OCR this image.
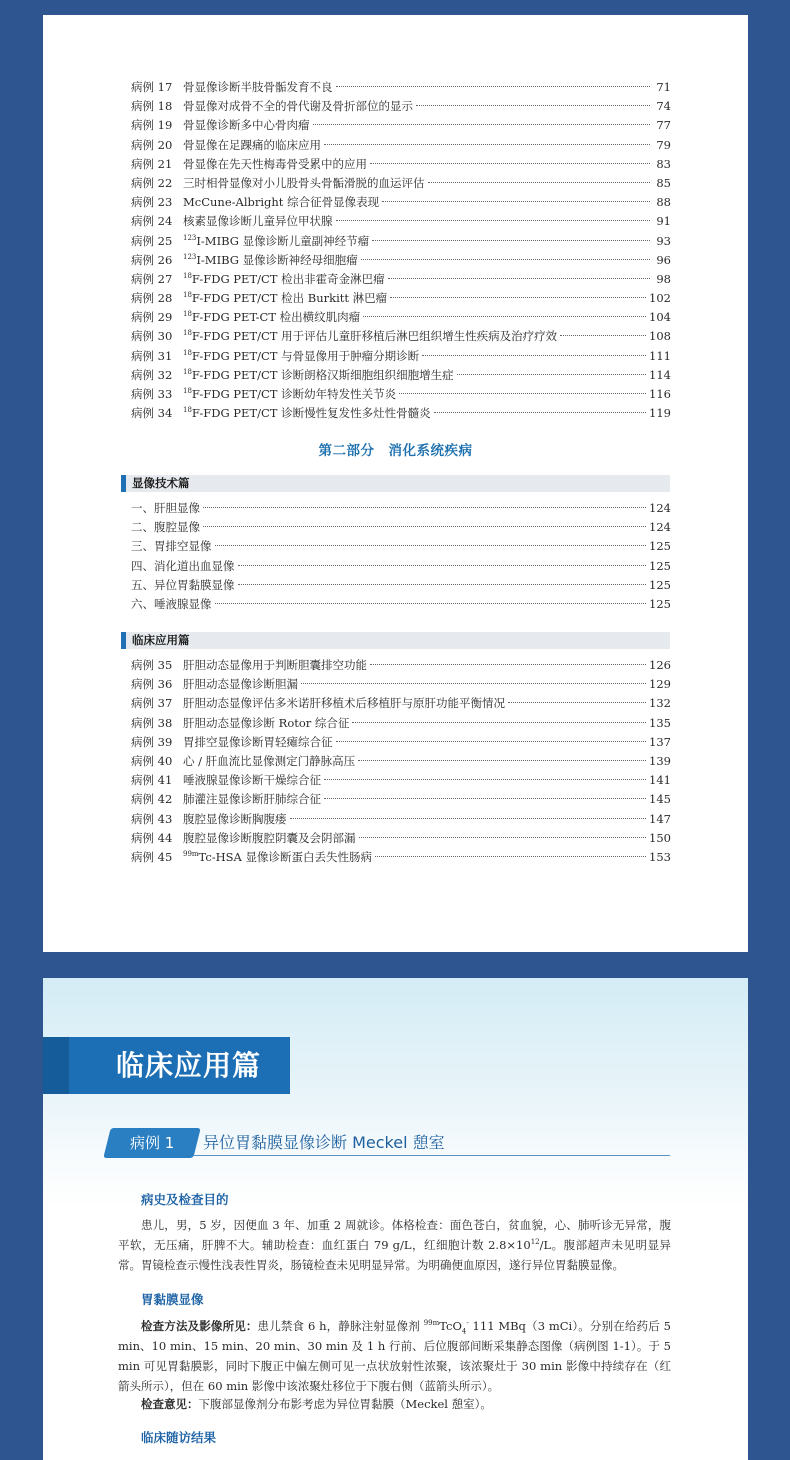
病例 17 骨显像诊断半肢骨骺发育不良	71
病例 18 骨显像对成骨不全的骨代谢及骨折部位的显示	74
病例 19 骨显像诊断多中心骨肉瘤	77
病例 20 骨显像在足踝痛的临床应用	79
病例 21 骨显像在先天性梅毒骨受累中的应用	83
病例 22 三时相骨显像对小儿股骨头骨骺滑脱的血运评估	85
病例 23 McCune-Albright 综合征骨显像表现	88
病例 24 核素显像诊断儿童异位甲状腺	91
病例 25	$^{123}$I-MIBG 显像诊断儿童副神经节瘤	93
病例 26	$^{123}$I-MIBG 显像诊断神经母细胞瘤	96
病例 27	$^{18}$F-FDG PET/CT 检出非霍奇金淋巴瘤	98
病例 28	$^{18}$F-FDG PET/CT 检出 Burkitt 淋巴瘤	102
病例 29	$^{18}$F-FDG PET-CT 检出横纹肌肉瘤	104
病例 30	$^{18}$F-FDG PET/CT 用于评估儿童肝移植后淋巴组织增生性疾病及治疗疗效	108
病例 31	$^{18}$F-FDG PET/CT 与骨显像用于肿瘤分期诊断	111
病例 32	$^{18}$F-FDG PET/CT 诊断朗格汉斯细胞组织细胞增生症	114
病例 33	$^{18}$F-FDG PET/CT 诊断幼年特发性关节炎	116
病例 34	$^{18}$F-FDG PET/CT 诊断慢性复发性多灶性骨髓炎	119
第二部分　消化系统疾病
显像技术篇
一、肝胆显像	124
二、腹腔显像	124
三、胃排空显像	125
四、消化道出血显像	125
五、异位胃黏膜显像	125
六、唾液腺显像	125
临床应用篇
病例 35 肝胆动态显像用于判断胆囊排空功能	126
病例 36 肝胆动态显像诊断胆漏	129
病例 37 肝胆动态显像评估多米诺肝移植术后移植肝与原肝功能平衡情况	132
病例 38 肝胆动态显像诊断 Rotor 综合征	135
病例 39 胃排空显像诊断胃轻瘫综合征	137
病例 40 心 / 肝血流比显像测定门静脉高压	139
病例 41 唾液腺显像诊断干燥综合征	141
病例 42 肺灌注显像诊断肝肺综合征	145
病例 43 腹腔显像诊断胸腹瘘	147
病例 44 腹腔显像诊断腹腔阴囊及会阴部漏	150
病例 45	$^{99m}$Tc-HSA 显像诊断蛋白丢失性肠病	153
临床应用篇
病例 1	异位胃黏膜显像诊断 Meckel 憩室
病史及检查目的
患儿，男，5 岁，因便血 3 年、加重 2 周就诊。体格检查：面色苍白，贫血貌，心、肺听诊无异常，腹平软，无压痛，肝脾不大。辅助检查：血红蛋白 79 g/L，红细胞计数 $2.8\times 10^{12}/L$。腹部超声未见明显异常。胃镜检查示慢性浅表性胃炎，肠镜检查未见明显异常。为明确便血原因，遂行异位胃黏膜显像。
胃黏膜显像
检查方法及影像所见：患儿禁食 6 h，静脉注射显像剂 $^{99m}$TcO$_4$- 111 MBq（3 mCi）。分别在给药后 5 min、10 min、15 min、20 min、30 min 及 1 h 行前、后位腹部间断采集静态图像（病例图 1-1）。于 5 min 可见胃黏膜影，同时下腹正中偏左侧可见一点状放射性浓聚，该浓聚灶于 30 min 影像中持续存在（红箭头所示），但在 60 min 影像中该浓聚灶移位于下腹右侧（蓝箭头所示）。
检查意见：下腹部显像剂分布影考虑为异位胃黏膜（Meckel 憩室）。
临床随访结果
